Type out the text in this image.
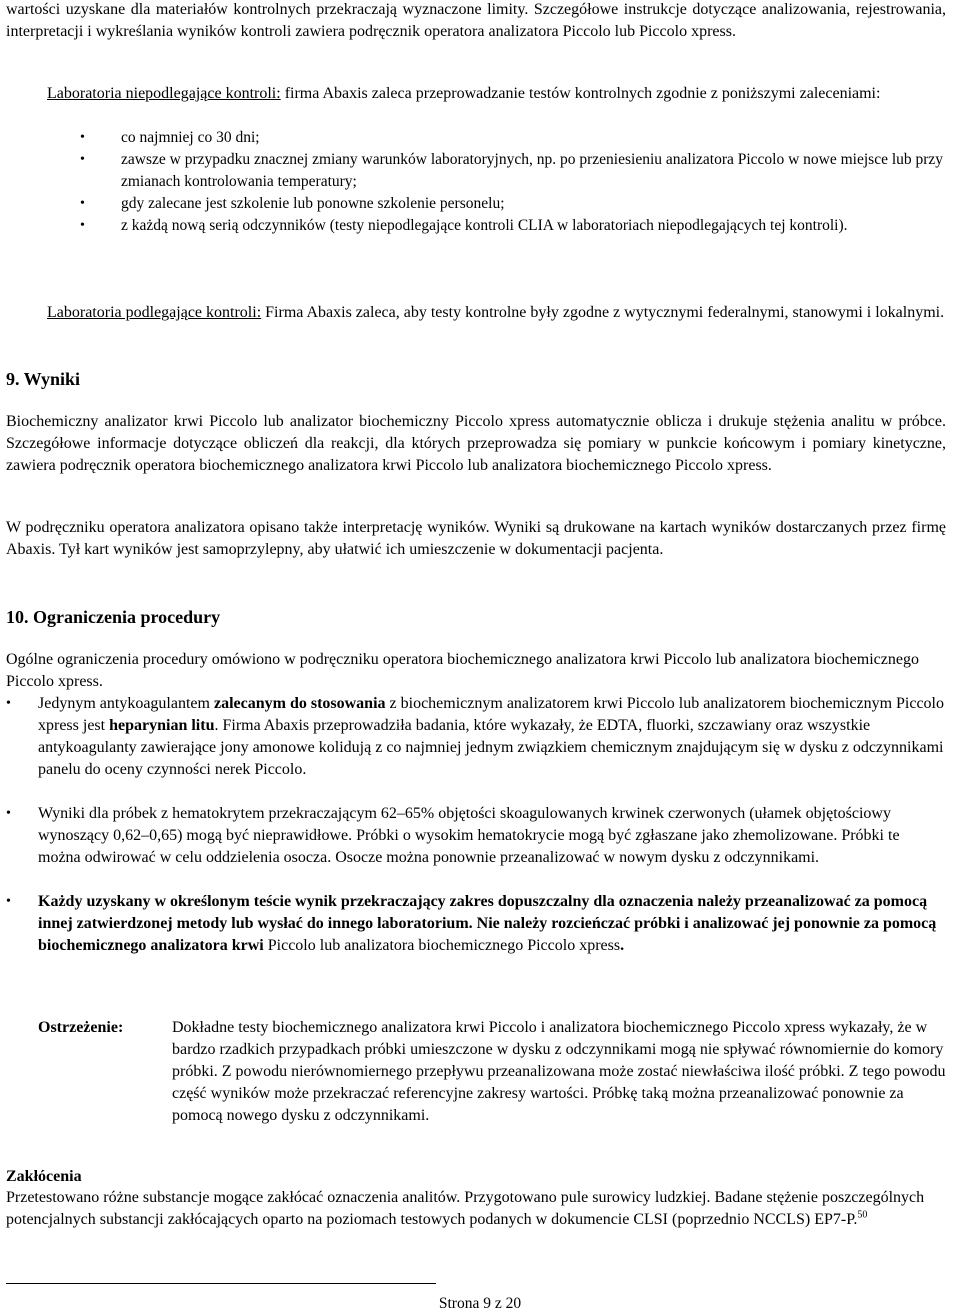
wartości uzyskane dla materiałów kontrolnych przekraczają wyznaczone limity. Szczegółowe instrukcje dotyczące analizowania, rejestrowania, interpretacji i wykreślania wyników kontroli zawiera podręcznik operatora analizatora Piccolo lub Piccolo xpress.

Laboratoria niepodlegające kontroli: firma Abaxis zaleca przeprowadzanie testów kontrolnych zgodnie z poniższymi zaleceniami:

• co najmniej co 30 dni;
• zawsze w przypadku znacznej zmiany warunków laboratoryjnych, np. po przeniesieniu analizatora Piccolo w nowe miejsce lub przy zmianach kontrolowania temperatury;
• gdy zalecane jest szkolenie lub ponowne szkolenie personelu;
• z każdą nową serią odczynników (testy niepodlegające kontroli CLIA w laboratoriach niepodlegających tej kontroli).

Laboratoria podlegające kontroli: Firma Abaxis zaleca, aby testy kontrolne były zgodne z wytycznymi federalnymi, stanowymi i lokalnymi.

9. Wyniki

Biochemiczny analizator krwi Piccolo lub analizator biochemiczny Piccolo xpress automatycznie oblicza i drukuje stężenia analitu w próbce. Szczegółowe informacje dotyczące obliczeń dla reakcji, dla których przeprowadza się pomiary w punkcie końcowym i pomiary kinetyczne, zawiera podręcznik operatora biochemicznego analizatora krwi Piccolo lub analizatora biochemicznego Piccolo xpress.

W podręczniku operatora analizatora opisano także interpretację wyników. Wyniki są drukowane na kartach wyników dostarczanych przez firmę Abaxis. Tył kart wyników jest samoprzylepny, aby ułatwić ich umieszczenie w dokumentacji pacjenta.

10. Ograniczenia procedury

Ogólne ograniczenia procedury omówiono w podręczniku operatora biochemicznego analizatora krwi Piccolo lub analizatora biochemicznego Piccolo xpress.

• Jedynym antykoagulantem zalecanym do stosowania z biochemicznym analizatorem krwi Piccolo lub analizatorem biochemicznym Piccolo xpress jest heparynian litu. Firma Abaxis przeprowadziła badania, które wykazały, że EDTA, fluorki, szczawiany oraz wszystkie antykoagulanty zawierające jony amonowe kolidują z co najmniej jednym związkiem chemicznym znajdującym się w dysku z odczynnikami panelu do oceny czynności nerek Piccolo.
• Wyniki dla próbek z hematokrytem przekraczającym 62–65% objętości skoagulowanych krwinek czerwonych (ułamek objętościowy wynoszący 0,62–0,65) mogą być nieprawidłowe. Próbki o wysokim hematokrycie mogą być zgłaszane jako zhemolizowane. Próbki te można odwirować w celu oddzielenia osocza. Osocze można ponownie przeanalizować w nowym dysku z odczynnikami.
• Każdy uzyskany w określonym teście wynik przekraczający zakres dopuszczalny dla oznaczenia należy przeanalizować za pomocą innej zatwierdzonej metody lub wysłać do innego laboratorium. Nie należy rozcieńczać próbki i analizować jej ponownie za pomocą biochemicznego analizatora krwi Piccolo lub analizatora biochemicznego Piccolo xpress.
Ostrzeżenie:	Dokładne testy biochemicznego analizatora krwi Piccolo i analizatora biochemicznego Piccolo xpress wykazały, że w bardzo rzadkich przypadkach próbki umieszczone w dysku z odczynnikami mogą nie spływać równomiernie do komory próbki. Z powodu nierównomiernego przepływu przeanalizowana może zostać niewłaściwa ilość próbki. Z tego powodu część wyników może przekraczać referencyjne zakresy wartości. Próbkę taką można przeanalizować ponownie za pomocą nowego dysku z odczynnikami.

Zakłócenia

Przetestowano różne substancje mogące zakłócać oznaczenia analitów. Przygotowano pule surowicy ludzkiej. Badane stężenie poszczególnych potencjalnych substancji zakłócających oparto na poziomach testowych podanych w dokumencie CLSI (poprzednio NCCLS) EP7-P.$^{50}$

Strona 9 z 20
